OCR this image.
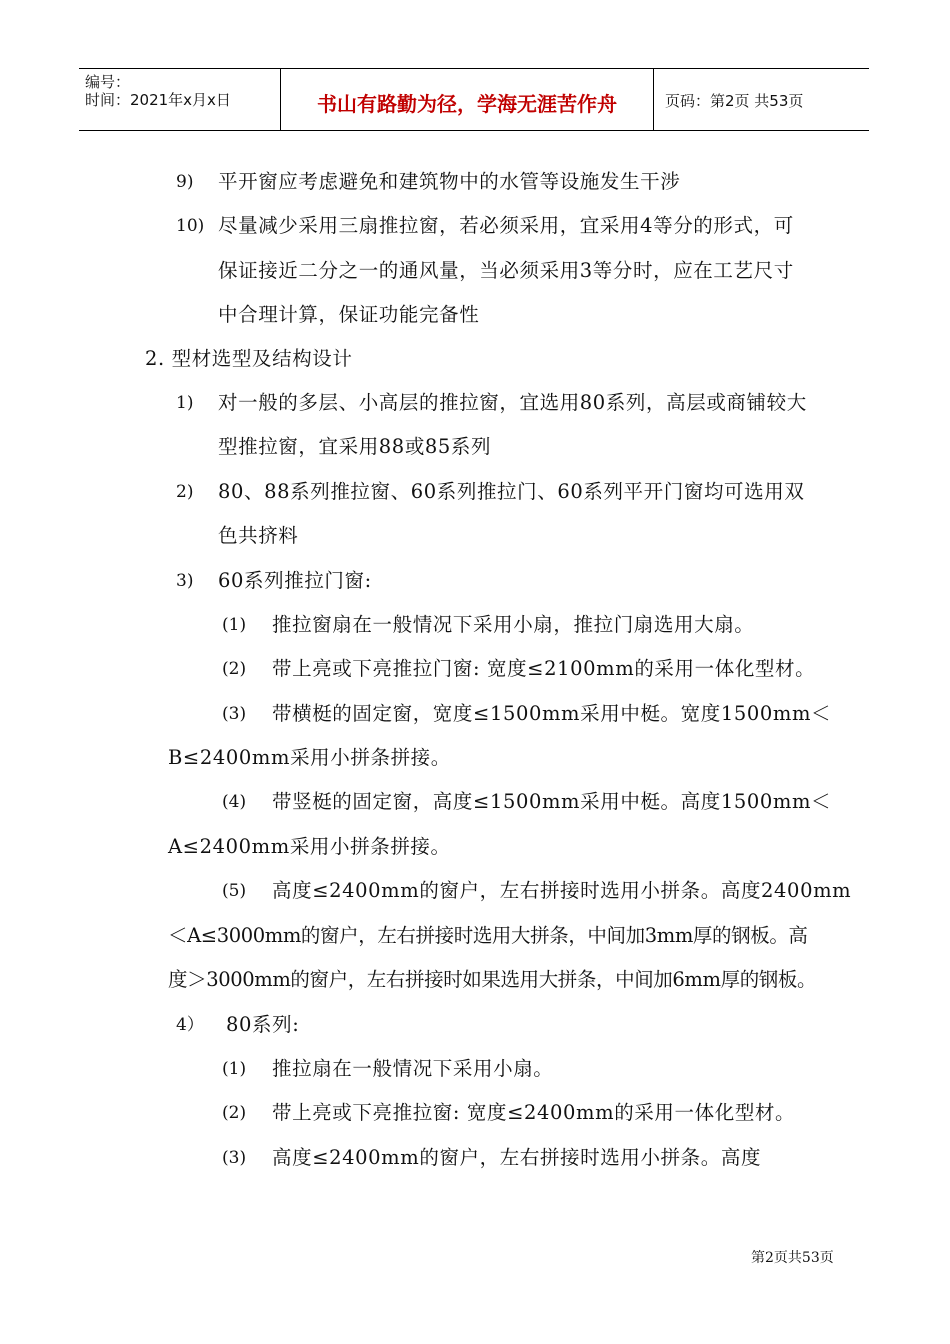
编号：
时间：2021年x月x日	书山有路勤为径，学海无涯苦作舟	页码：第2页 共53页
9) 平开窗应考虑避免和建筑物中的水管等设施发生干涉
10) 尽量减少采用三扇推拉窗，若必须采用，宜采用4等分的形式，可
保证接近二分之一的通风量，当必须采用3等分时，应在工艺尺寸
中合理计算，保证功能完备性
2. 型材选型及结构设计
1) 对一般的多层、小高层的推拉窗，宜选用80系列，高层或商铺较大
型推拉窗，宜采用88或85系列
2) 80、88系列推拉窗、60系列推拉门、60系列平开门窗均可选用双
色共挤料
3) 60系列推拉门窗:
(1) 推拉窗扇在一般情况下采用小扇，推拉门扇选用大扇。
(2) 带上亮或下亮推拉门窗: 宽度≤2100mm的采用一体化型材。
(3) 带横梃的固定窗，宽度≤1500mm采用中梃。宽度1500mm＜
B≤2400mm采用小拼条拼接。
(4) 带竖梃的固定窗，高度≤1500mm采用中梃。高度1500mm＜
A≤2400mm采用小拼条拼接。
(5) 高度≤2400mm的窗户，左右拼接时选用小拼条。高度2400mm
＜A≤3000mm的窗户，左右拼接时选用大拼条，中间加3mm厚的钢板。高
度＞3000mm的窗户，左右拼接时如果选用大拼条，中间加6mm厚的钢板。
4） 80系列:
(1) 推拉扇在一般情况下采用小扇。
(2) 带上亮或下亮推拉窗: 宽度≤2400mm的采用一体化型材。
(3) 高度≤2400mm的窗户，左右拼接时选用小拼条。高度
第2页共53页
